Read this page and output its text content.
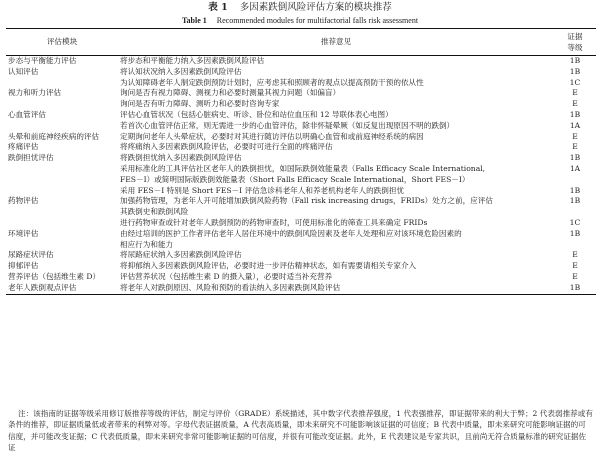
表 1 多因素跌倒风险评估方案的模块推荐
Table 1 Recommended modules for multifactorial falls risk assessment
评估模块	推荐意见	证据
等级
步态与平衡能力评估	将步态和平衡能力纳入多因素跌倒风险评估	1B
认知评估	将认知状况纳入多因素跌倒风险评估	1B

	为认知障碍老年人制定跌倒预防计划时，应考虑其和照顾者的观点以提高预防干预的依从性	1C
视力和听力评估	询问是否有视力障碍、测视力和必要时测量其视力问题（如偏盲）	E

	询问是否有听力障碍、测听力和必要时咨询专家	E
心血管评估	评估心血管状况（包括心脏病史、听诊、卧位和站位血压和 12 导联体表心电图）	1B

	若首次心血管评估正常，则无需进一步的心血管评估，除非怀疑晕厥（如反复出现原因不明的跌倒）	1A
头晕和前庭神经疾病的评估	定期询问老年人头晕症状，必要时对其进行随访评估以明确心血管和或前庭神经系统的病因	E
疼痛评估	将疼痛纳入多因素跌倒风险评估，必要时可进行全面的疼痛评估	E
跌倒担忧评估	将跌倒担忧纳入多因素跌倒风险评估	1B

	采用标准化的工具评估社区老年人的跌倒担忧，如国际跌倒效能量表（Falls Efficacy Scale International,
FES－Ⅰ）或简明国际版跌倒效能量表（Short Falls Efficacy Scale International，Short FES－Ⅰ）	1A

	采用 FES－I 特别是 Short FES－I 评估急诊科老年人和养老机构老年人的跌倒担忧	1B
药物评估	加强药物管理，为老年人开可能增加跌倒风险药物（Fall risk increasing drugs，FRIDs）处方之前，应评估
其跌倒史和跌倒风险	1B

	进行药物审查或针对老年人跌倒预防的药物审查时，可使用标准化的筛查工具来确定 FRIDs	1C
环境评估	由经过培训的医护工作者评估老年人居住环境中的跌倒风险因素及老年人处理和应对该环境危险因素的
相应行为和能力	1B
尿路症状评估	将尿路症状纳入多因素跌倒风险评估	E
抑郁评估	将抑郁纳入多因素跌倒风险评估，必要时进一步评估精神状态，如有需要请相关专家介入	E
营养评估（包括维生素 D）	评估营养状况（包括维生素 D 的摄入量），必要时适当补充营养	E
老年人跌倒观点评估	将老年人对跌倒原因、风险和预防的看法纳入多因素跌倒风险评估	1B
注：该指南的证据等级采用修订版推荐等级的评估，制定与评价（GRADE）系统描述，其中数字代表推荐强度，1 代表强推荐，即证据带来的利大于弊；2 代表弱推荐或有条件的推荐，即证据质量低或者带来的利弊对等。字母代表证据质量，A 代表高质量，即未来研究不可能影响该证据的可信度；B 代表中质量，即未来研究可能影响证据的可信度，并可能改变证据；C 代表低质量，即未来研究非常可能影响证据的可信度，并很有可能改变证据。此外，E 代表建议是专家共识，且前尚无符合质量标准的研究证据佐证
